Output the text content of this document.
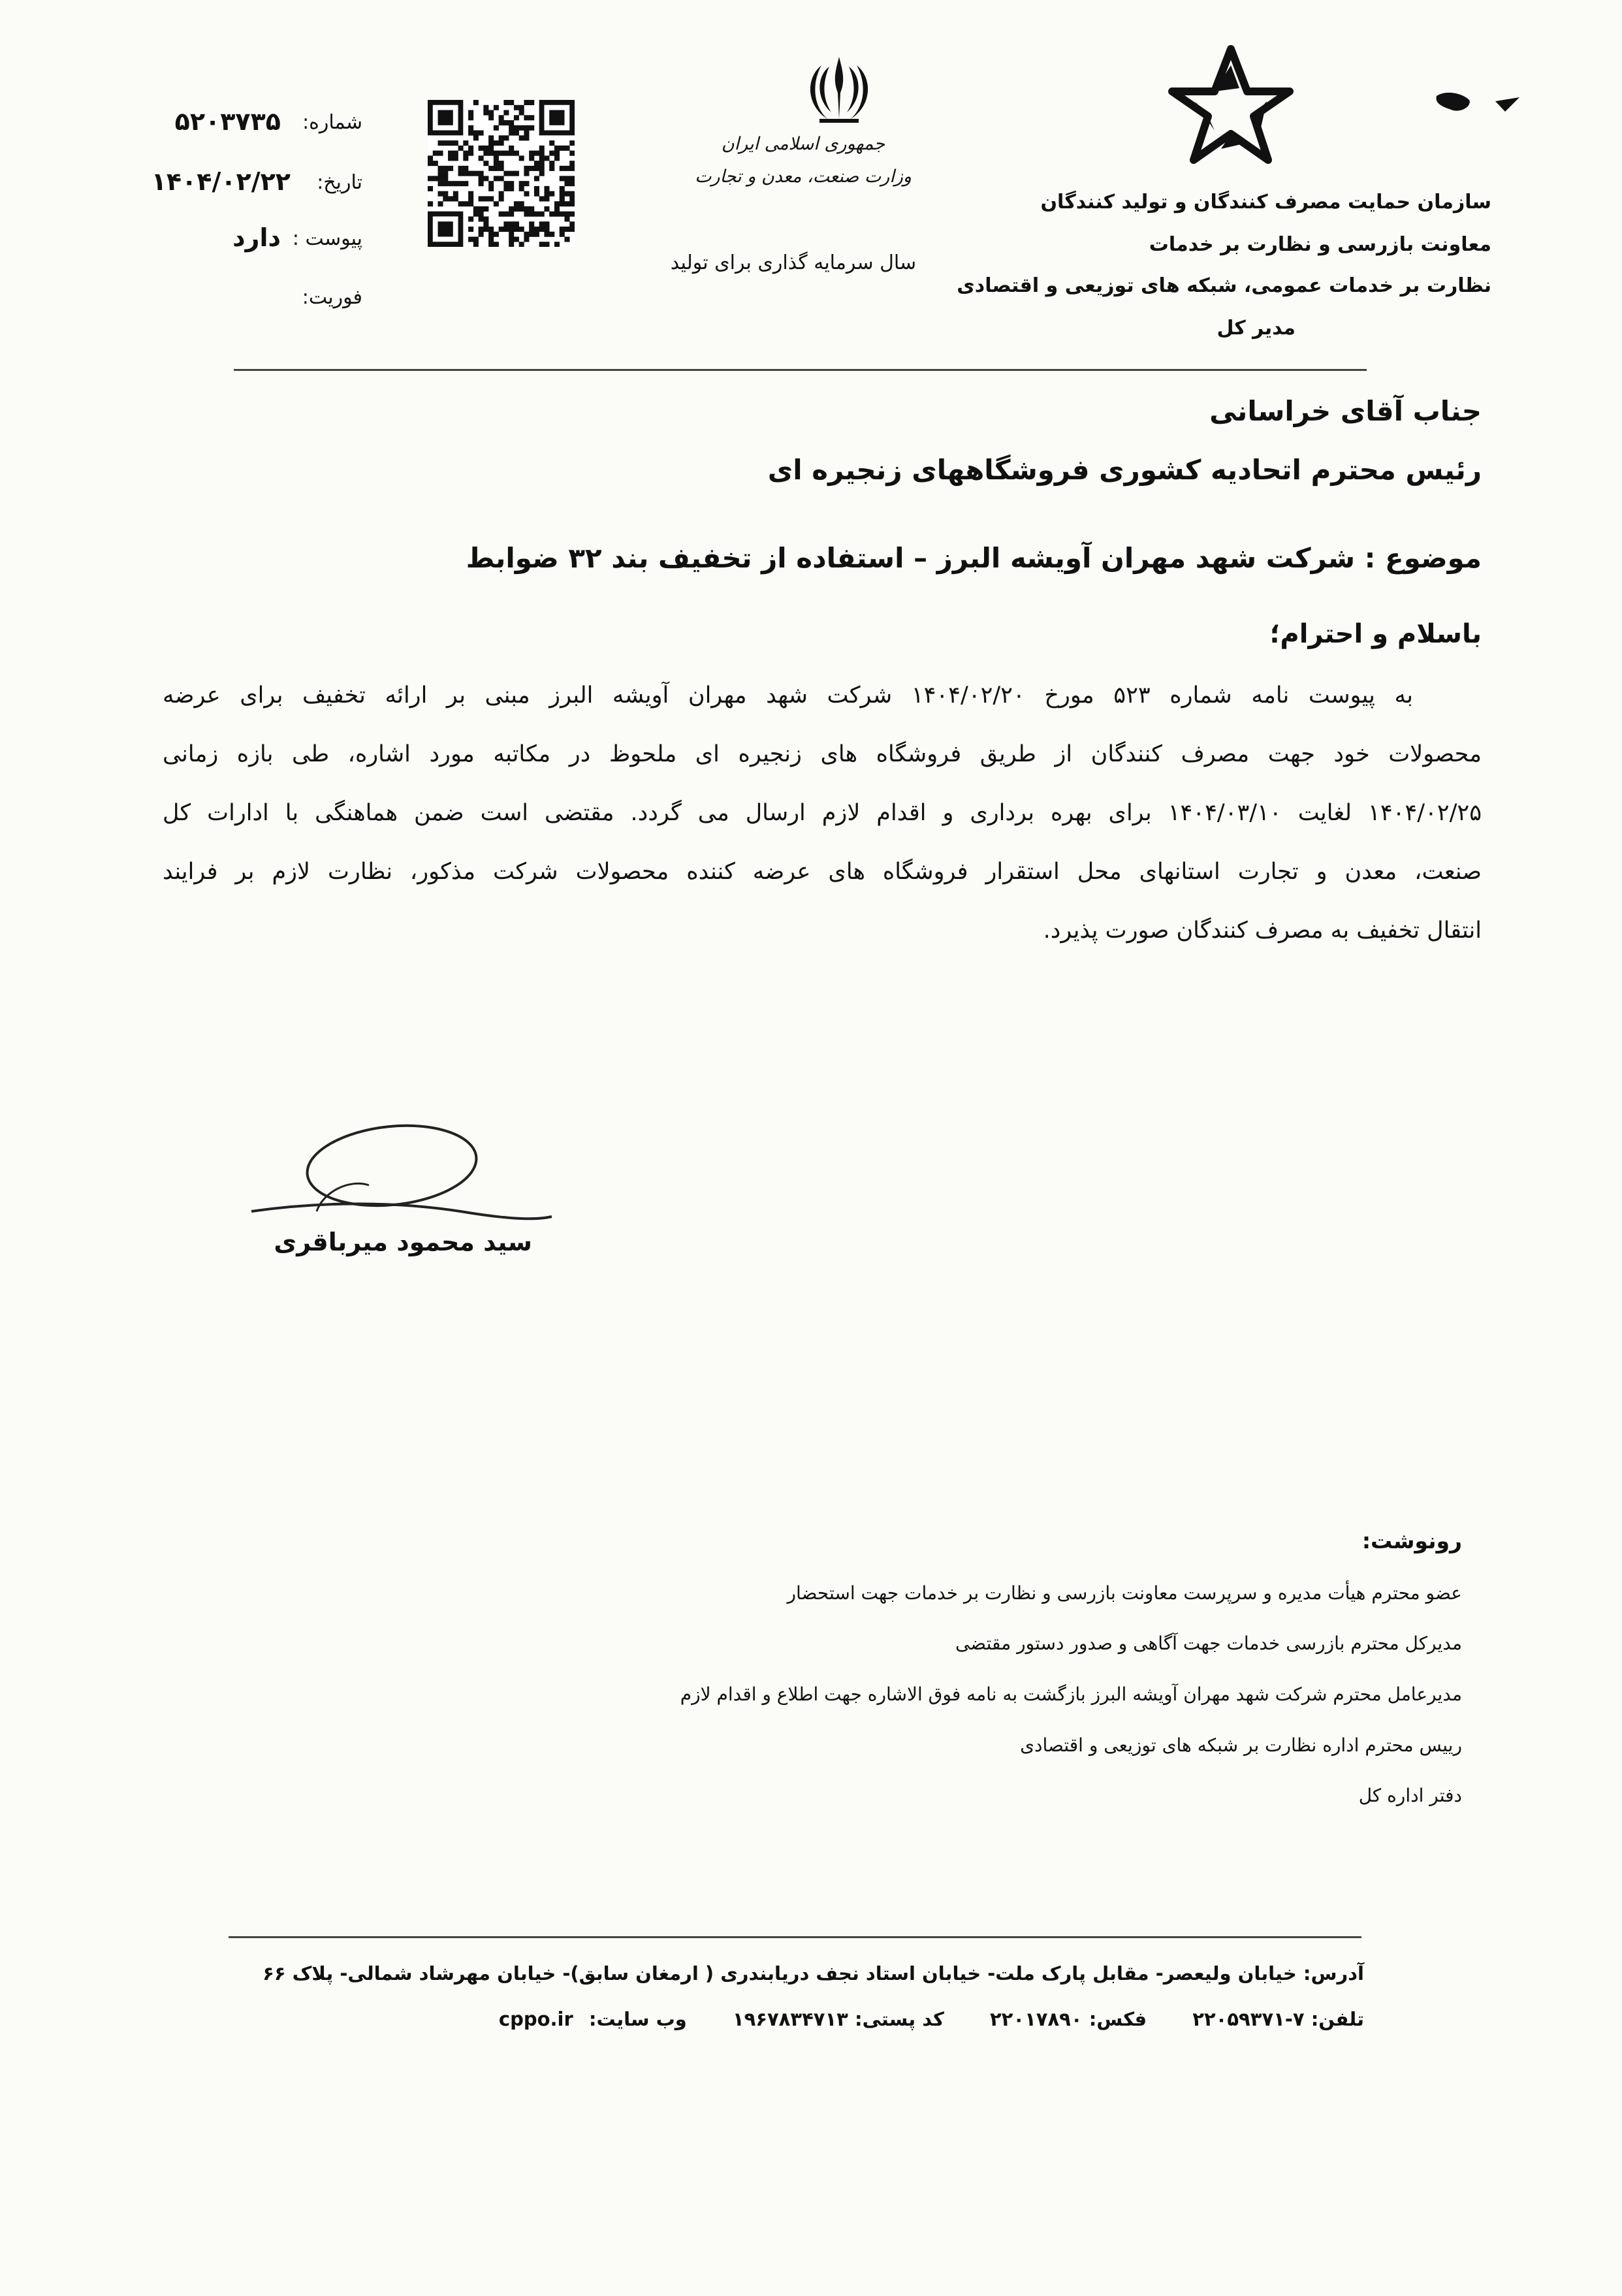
شماره:
۵۲۰۳۷۳۵
تاریخ:
۱۴۰۴/۰۲/۲۲
پیوست :
دارد
فوریت:
جمهوری اسلامی ایران
وزارت صنعت، معدن و تجارت
سال سرمایه گذاری برای تولید
سازمان حمایت مصرف کنندگان و تولید کنندگان
معاونت بازرسی و نظارت بر خدمات
نظارت بر خدمات عمومی، شبکه های توزیعی و اقتصادی
مدیر کل
جناب آقای خراسانی
رئیس محترم اتحادیه کشوری فروشگاههای زنجیره ای
موضوع : شرکت شهد مهران آویشه البرز – استفاده از تخفیف بند ۳۲ ضوابط
باسلام و احترام؛
به پیوست نامه شماره ۵۲۳ مورخ ۱۴۰۴/۰۲/۲۰ شرکت شهد مهران آویشه البرز مبنی بر ارائه تخفیف برای عرضه
محصولات خود جهت مصرف کنندگان از طریق فروشگاه های زنجیره ای ملحوظ در مکاتبه مورد اشاره، طی بازه زمانی
۱۴۰۴/۰۲/۲۵ لغایت ۱۴۰۴/۰۳/۱۰ برای بهره برداری و اقدام لازم ارسال می گردد. مقتضی است ضمن هماهنگی با ادارات کل
صنعت، معدن و تجارت استانهای محل استقرار فروشگاه های عرضه کننده محصولات شرکت مذکور، نظارت لازم بر فرایند
انتقال تخفیف به مصرف کنندگان صورت پذیرد.
سید محمود میرباقری
رونوشت:
عضو محترم هیأت مدیره و سرپرست معاونت بازرسی و نظارت بر خدمات جهت استحضار
مدیرکل محترم بازرسی خدمات جهت آگاهی و صدور دستور مقتضی
مدیرعامل محترم شرکت شهد مهران آویشه البرز بازگشت به نامه فوق الاشاره جهت اطلاع و اقدام لازم
رییس محترم اداره نظارت بر شبکه های توزیعی و اقتصادی
دفتر اداره کل
آدرس: خیابان ولیعصر- مقابل پارک ملت- خیابان استاد نجف دریابندری ( ارمغان سابق)- خیابان مهرشاد شمالی- پلاک ۶۶
تلفن: ۷-۲۲۰۵۹۳۷۱ فکس: ۲۲۰۱۷۸۹۰ کد پستی: ۱۹۶۷۸۳۴۷۱۳ وب سایت: cppo.ir
